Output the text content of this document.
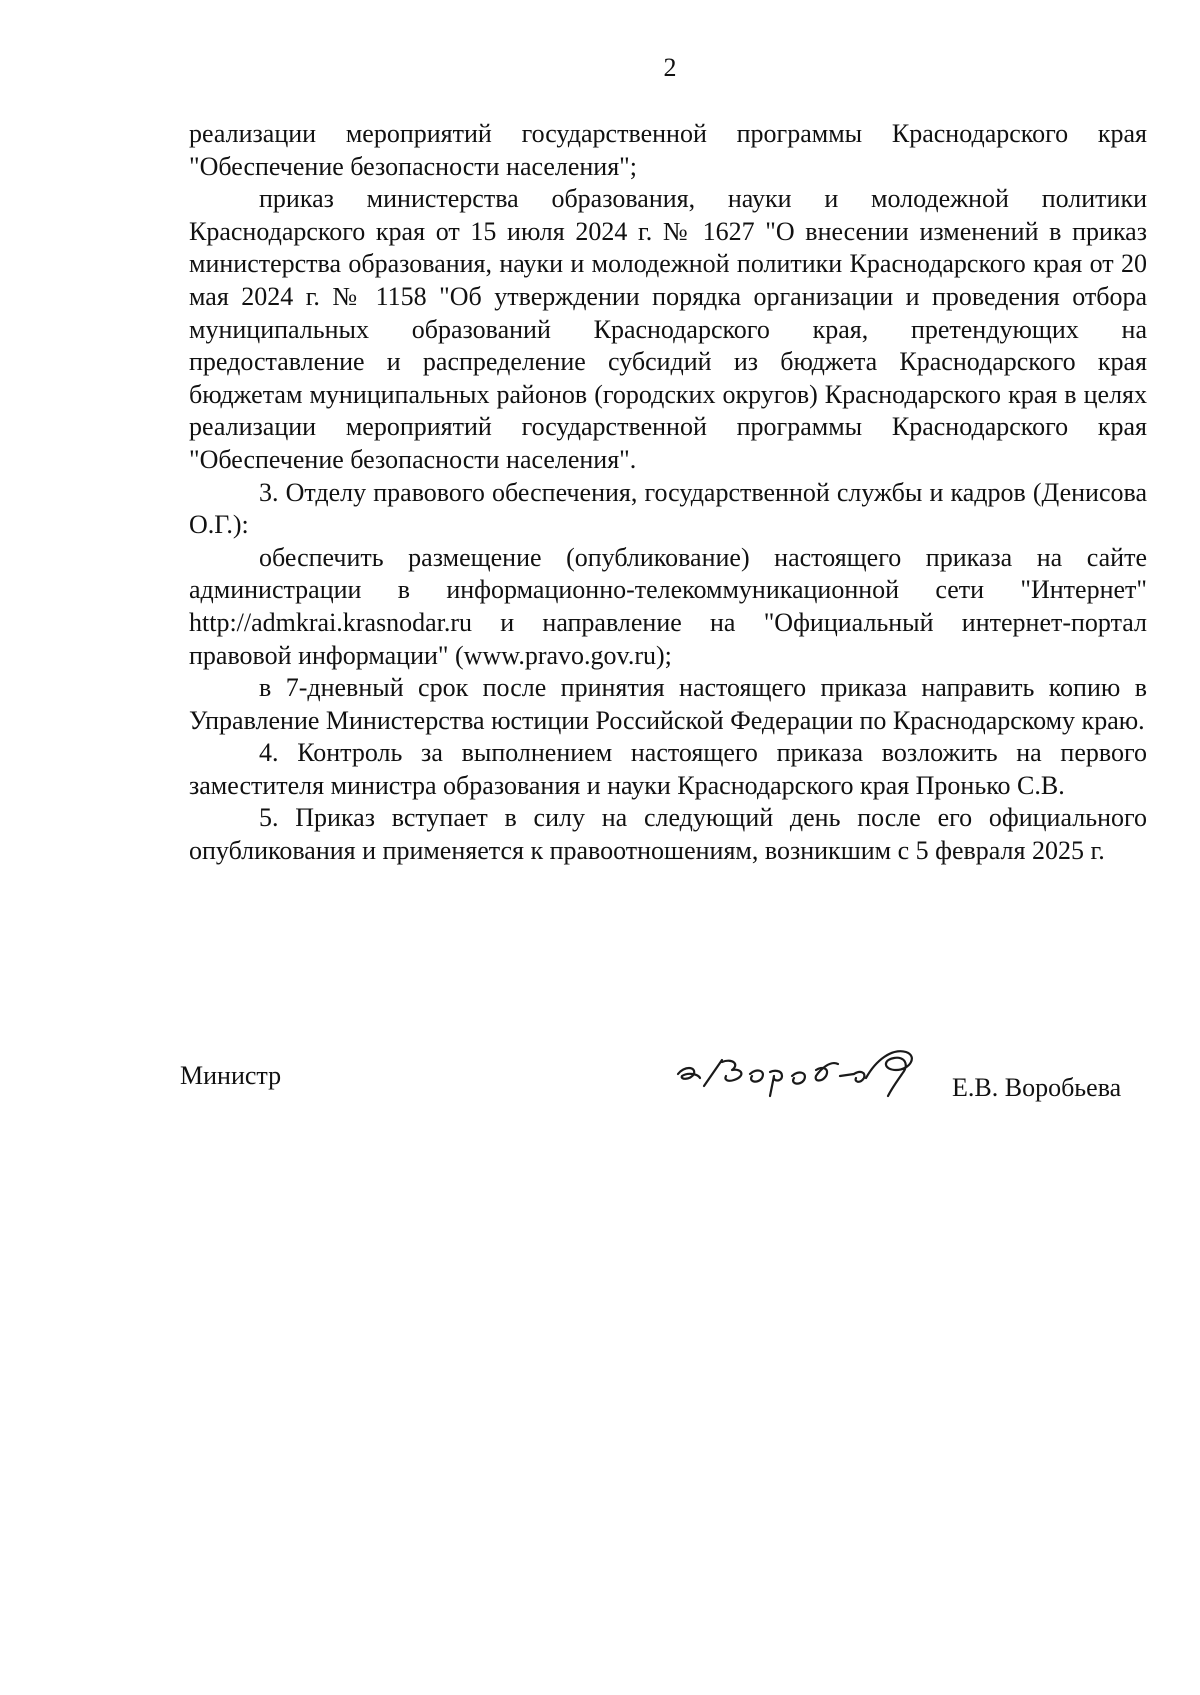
2

реализации мероприятий государственной программы Краснодарского края "Обеспечение безопасности населения";

приказ министерства образования, науки и молодежной политики Краснодарского края от 15 июля 2024 г. № 1627 "О внесении изменений в приказ министерства образования, науки и молодежной политики Краснодарского края от 20 мая 2024 г. № 1158 "Об утверждении порядка организации и проведения отбора муниципальных образований Краснодарского края, претендующих на предоставление и распределение субсидий из бюджета Краснодарского края бюджетам муниципальных районов (городских округов) Краснодарского края в целях реализации мероприятий государственной программы Краснодарского края "Обеспечение безопасности населения".

3. Отделу правового обеспечения, государственной службы и кадров (Денисова О.Г.):

обеспечить размещение (опубликование) настоящего приказа на сайте администрации в информационно-телекоммуникационной сети "Интернет" http://admkrai.krasnodar.ru и направление на "Официальный интернет-портал правовой информации" (www.pravo.gov.ru);

в 7-дневный срок после принятия настоящего приказа направить копию в Управление Министерства юстиции Российской Федерации по Краснодарскому краю.

4. Контроль за выполнением настоящего приказа возложить на первого заместителя министра образования и науки Краснодарского края Пронько С.В.

5. Приказ вступает в силу на следующий день после его официального опубликования и применяется к правоотношениям, возникшим с 5 февраля 2025 г.

Министр	Е.В. Воробьева
